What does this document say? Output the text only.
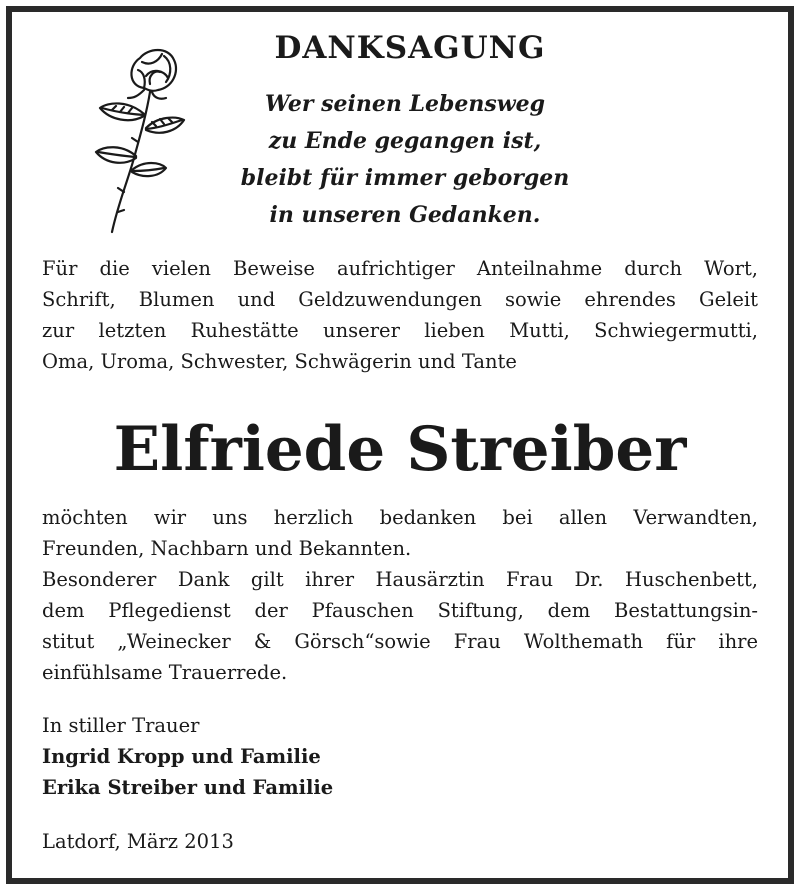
DANKSAGUNG
Wer seinen Lebensweg
zu Ende gegangen ist,
bleibt für immer geborgen
in unseren Gedanken.
Für die vielen Beweise aufrichtiger Anteilnahme durch Wort,
Schrift, Blumen und Geldzuwendungen sowie ehrendes Geleit
zur letzten Ruhestätte unserer lieben Mutti, Schwiegermutti,
Oma, Uroma, Schwester, Schwägerin und Tante
Elfriede Streiber
möchten wir uns herzlich bedanken bei allen Verwandten,
Freunden, Nachbarn und Bekannten.
Besonderer Dank gilt ihrer Hausärztin Frau Dr. Huschenbett,
dem Pflegedienst der Pfauschen Stiftung, dem Bestattungsin-
stitut „Weinecker & Görsch“sowie Frau Wolthemath für ihre
einfühlsame Trauerrede.
In stiller Trauer
Ingrid Kropp und Familie
Erika Streiber und Familie
Latdorf, März 2013
